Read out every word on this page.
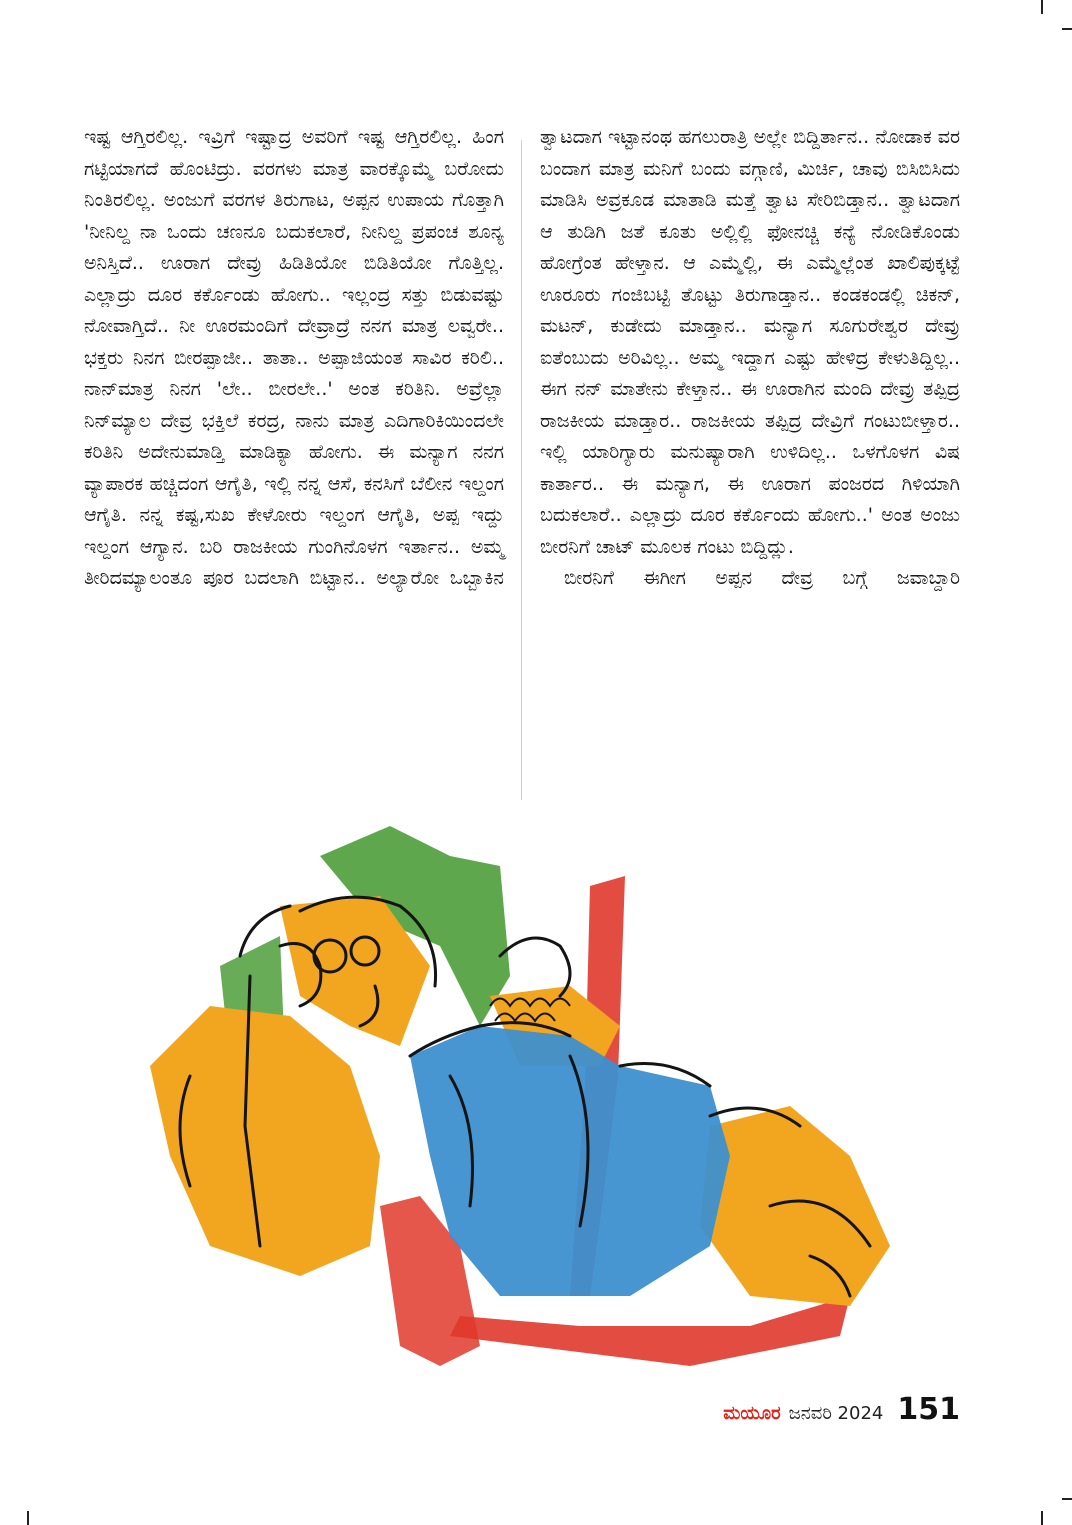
ಇಷ್ಟ ಆಗ್ತಿರಲಿಲ್ಲ. ಇವ್ರಿಗೆ ಇಷ್ಟಾದ್ರ ಅವರಿಗೆ ಇಷ್ಟ ಆಗ್ತಿರಲಿಲ್ಲ. ಹಿಂಗ ಗಟ್ಟಿಯಾಗದೆ ಹೊಂಟಿದ್ರು. ವರಗಳು ಮಾತ್ರ ವಾರಕ್ಕೊಮ್ಮೆ ಬರೋದು ನಿಂತಿರಲಿಲ್ಲ. ಅಂಜುಗೆ ವರಗಳ ತಿರುಗಾಟ, ಅಪ್ಪನ ಉಪಾಯ ಗೊತ್ತಾಗಿ 'ನೀನಿಲ್ದ ನಾ ಒಂದು ಚಣನೂ ಬದುಕಲಾರೆ, ನೀನಿಲ್ದ ಪ್ರಪಂಚ ಶೂನ್ಯ ಅನಿಸ್ತಿದೆ.. ಊರಾಗ ದೇವ್ರು ಹಿಡಿತಿಯೋ ಬಿಡಿತಿಯೋ ಗೊತ್ತಿಲ್ಲ. ಎಲ್ಲಾದ್ರು ದೂರ ಕರ್ಕೊಂಡು ಹೋಗು.. ಇಲ್ಲಂದ್ರ ಸತ್ತು ಬಿಡುವಷ್ಟು ನೋವಾಗ್ತಿದೆ.. ನೀ ಊರಮಂದಿಗೆ ದೇವ್ರಾದ್ರೆ ನನಗ ಮಾತ್ರ ಲವ್ವರೇ.. ಭಕ್ತರು ನಿನಗ ಬೀರಪ್ಪಾಜೀ.. ತಾತಾ.. ಅಪ್ಪಾಜಿಯಂತ ಸಾವಿರ ಕರಿಲಿ.. ನಾನ್‌ಮಾತ್ರ ನಿನಗ 'ಲೇ.. ಬೀರಲೇ..' ಅಂತ ಕರಿತಿನಿ. ಅವ್ರೆಲ್ಲಾ ನಿನ್‌ಮ್ಯಾಲ ದೇವ್ರ ಭಕ್ತಿಲೆ ಕರದ್ರ, ನಾನು ಮಾತ್ರ ಎದಿಗಾರಿಕಿಯಿಂದಲೇ ಕರಿತಿನಿ ಅದೇನುಮಾಡ್ತಿ ಮಾಡಿಕ್ಯಾ ಹೋಗು. ಈ ಮನ್ಯಾಗ ನನಗ ವ್ಯಾಪಾರಕ ಹಚ್ಚಿದಂಗ ಆಗೈತಿ, ಇಲ್ಲಿ ನನ್ನ ಆಸೆ, ಕನಸಿಗೆ ಬೆಲೀನ ಇಲ್ದಂಗ ಆಗೈತಿ. ನನ್ನ ಕಷ್ಟ,ಸುಖ ಕೇಳೋರು ಇಲ್ದಂಗ ಆಗೈತಿ, ಅಪ್ಪ ಇದ್ದು ಇಲ್ದಂಗ ಆಗ್ಯಾನ. ಬರಿ ರಾಜಕೀಯ ಗುಂಗಿನೊಳಗ ಇರ್ತಾನ.. ಅಮ್ಮ ತೀರಿದಮ್ಯಾಲಂತೂ ಪೂರ ಬದಲಾಗಿ ಬಿಟ್ಟಾನ.. ಅಲ್ಯಾರೋ ಒಬ್ಬಾಕಿನ

ತ್ವಾಟದಾಗ ಇಟ್ಟಾನಂಥ ಹಗಲುರಾತ್ರಿ ಅಲ್ಲೇ ಬಿದ್ದಿರ್ತಾನ.. ನೋಡಾಕ ವರ ಬಂದಾಗ ಮಾತ್ರ ಮನಿಗೆ ಬಂದು ವಗ್ಗಾಣಿ, ಮಿರ್ಚಿ, ಚಾವು ಬಿಸಿಬಿಸಿದು ಮಾಡಿಸಿ ಅವ್ರಕೂಡ ಮಾತಾಡಿ ಮತ್ತೆ ತ್ವಾಟ ಸೇರಿಬಿಡ್ತಾನ.. ತ್ವಾಟದಾಗ ಆ ತುಡಿಗಿ ಜತೆ ಕೂತು ಅಲ್ಲಿಲ್ಲಿ ಫೋನಚ್ಚಿ ಕನ್ಯೆ ನೋಡಿಕೊಂಡು ಹೋಗ್ರೆಂತ ಹೇಳ್ತಾನ. ಆ ಎಮ್ಮೆಲ್ಲಿ, ಈ ಎಮ್ಮೆಲ್ಲೆಂತ ಖಾಲಿಪುಕ್ಕಟ್ಟೆ ಊರೂರು ಗಂಜಿಬಟ್ಟಿ ತೊಟ್ಟು ತಿರುಗಾಡ್ತಾನ.. ಕಂಡಕಂಡಲ್ಲಿ ಚಿಕನ್, ಮಟನ್, ಕುಡೇದು ಮಾಡ್ತಾನ.. ಮನ್ಯಾಗ ಸೂಗುರೇಶ್ವರ ದೇವ್ರು ಐತೆಂಬುದು ಅರಿವಿಲ್ಲ.. ಅಮ್ಮ ಇದ್ದಾಗ ಎಷ್ಟು ಹೇಳಿದ್ರ ಕೇಳುತಿದ್ದಿಲ್ಲ.. ಈಗ ನನ್ ಮಾತೇನು ಕೇಳ್ತಾನ.. ಈ ಊರಾಗಿನ ಮಂದಿ ದೇವ್ರು ತಪ್ಪಿದ್ರ ರಾಜಕೀಯ ಮಾಡ್ತಾರ.. ರಾಜಕೀಯ ತಪ್ಪಿದ್ರ ದೇವ್ರಿಗೆ ಗಂಟುಬೀಳ್ತಾರ.. ಇಲ್ಲಿ ಯಾರಿಗ್ಯಾರು ಮನುಷ್ಯಾರಾಗಿ ಉಳಿದಿಲ್ಲ.. ಒಳಗೊಳಗ ವಿಷ ಕಾರ್ತಾರ.. ಈ ಮನ್ಯಾಗ, ಈ ಊರಾಗ ಪಂಜರದ ಗಿಳಿಯಾಗಿ ಬದುಕಲಾರೆ.. ಎಲ್ಲಾದ್ರು ದೂರ ಕರ್ಕೊಂದು ಹೋಗು..' ಅಂತ ಅಂಜು ಬೀರನಿಗೆ ಚಾಟ್ ಮೂಲಕ ಗಂಟು ಬಿದ್ದಿದ್ಲು.

ಬೀರನಿಗೆ ಈಗೀಗ ಅಪ್ಪನ ದೇವ್ರ ಬಗ್ಗೆ ಜವಾಬ್ದಾರಿ

ಮಯೂರ ಜನವರಿ 2024 151
